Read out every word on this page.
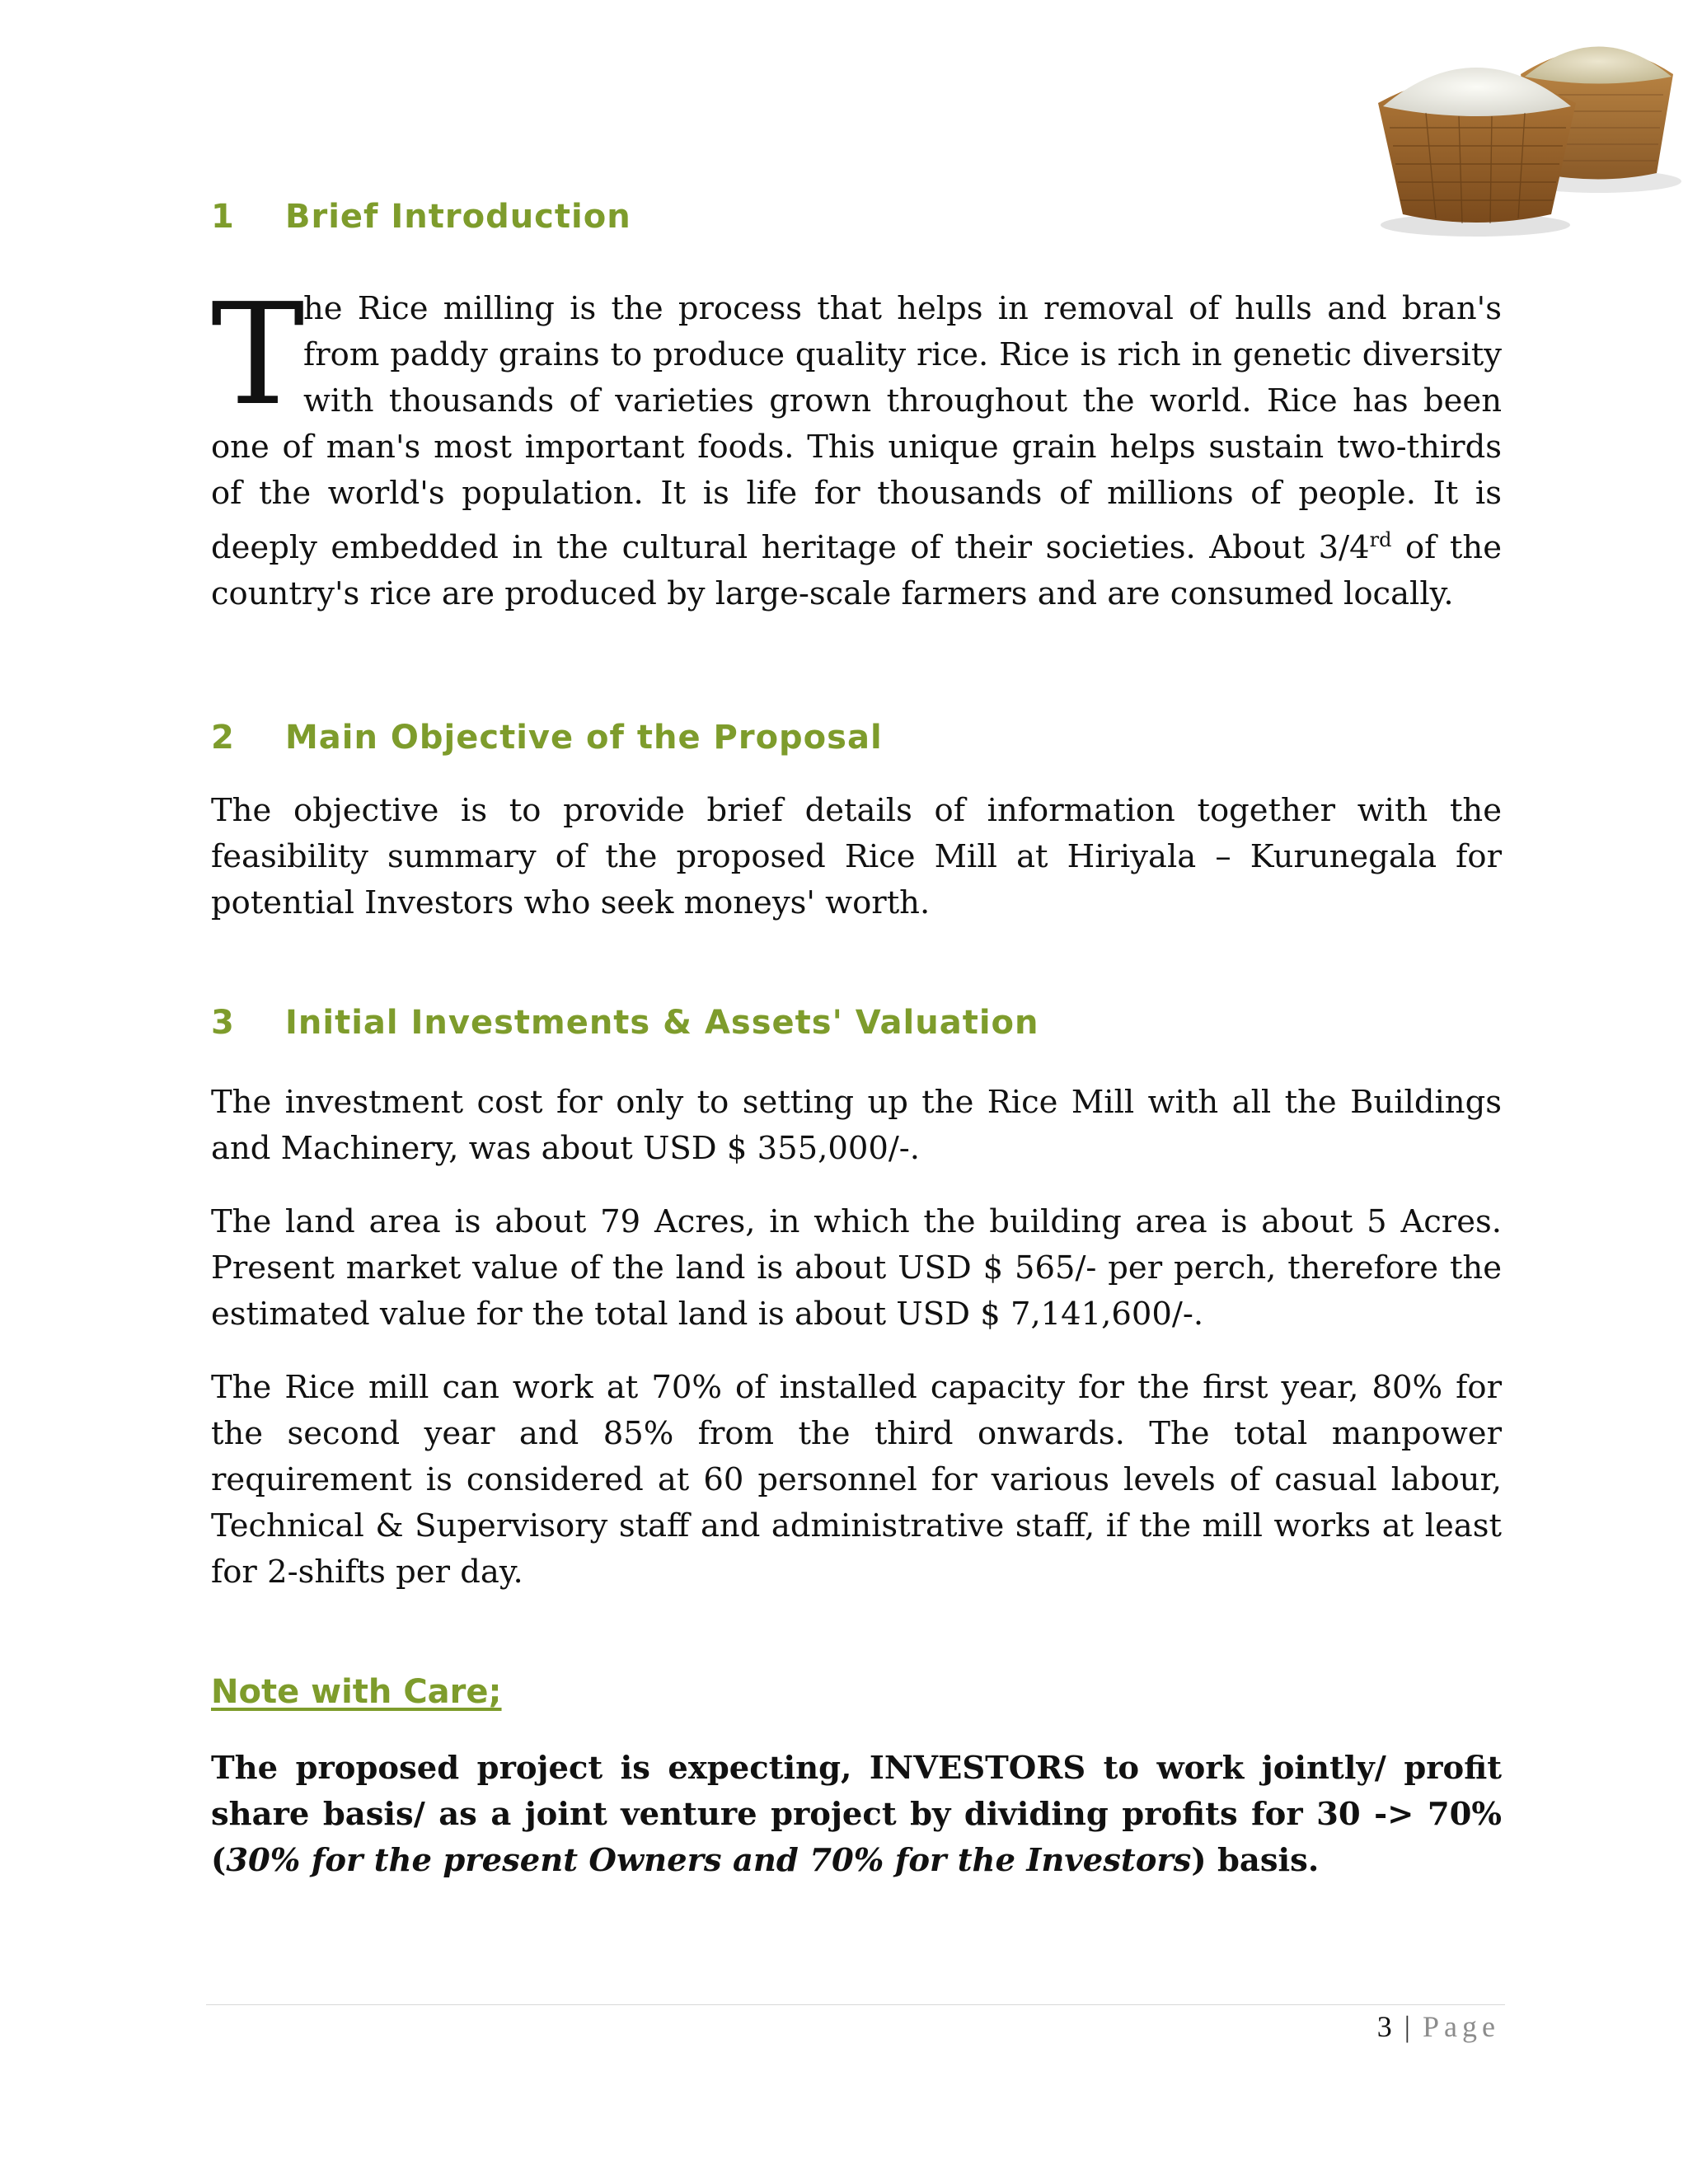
1 Brief Introduction
T

he Rice milling is the process that helps in removal of hulls and bran's from paddy grains to produce quality rice. Rice is rich in genetic diversity with thousands of varieties grown throughout the world. Rice has been one of man's most important foods. This unique grain helps sustain two-thirds of the world's population. It is life for thousands of millions of people. It is deeply embedded in the cultural heritage of their societies. About 3/4rd of the country's rice are produced by large-scale farmers and are consumed locally.

2 Main Objective of the Proposal

The objective is to provide brief details of information together with the feasibility summary of the proposed Rice Mill at Hiriyala – Kurunegala for potential Investors who seek moneys' worth.

3 Initial Investments & Assets' Valuation

The investment cost for only to setting up the Rice Mill with all the Buildings and Machinery, was about USD $ 355,000/-.

The land area is about 79 Acres, in which the building area is about 5 Acres. Present market value of the land is about USD $ 565/- per perch, therefore the estimated value for the total land is about USD $ 7,141,600/-.

The Rice mill can work at 70% of installed capacity for the first year, 80% for the second year and 85% from the third onwards. The total manpower requirement is considered at 60 personnel for various levels of casual labour, Technical & Supervisory staff and administrative staff, if the mill works at least for 2-shifts per day.

Note with Care;

The proposed project is expecting, INVESTORS to work jointly/ profit share basis/ as a joint venture project by dividing profits for 30 -> 70% (30% for the present Owners and 70% for the Investors) basis.

3 | Page
